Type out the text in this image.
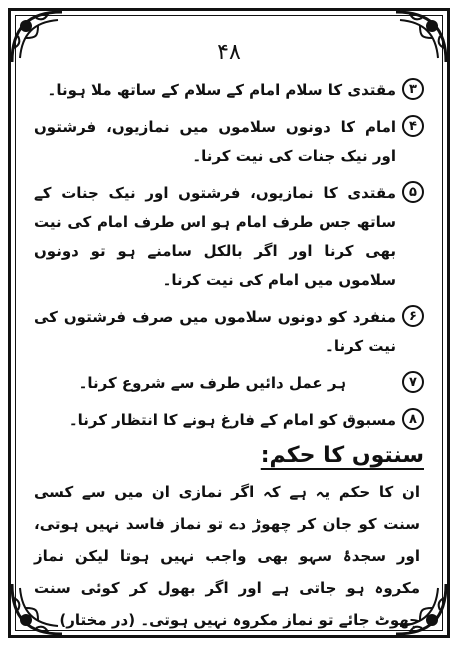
۴۸
۳
مقتدی کا سلام امام کے سلام کے ساتھ ملا ہونا۔
۴
امام کا دونوں سلاموں میں نمازیوں، فرشتوں اور نیک جنات کی نیت کرنا۔
۵
مقتدی کا نمازیوں، فرشتوں اور نیک جنات کے ساتھ جس طرف امام ہو اس طرف امام کی نیت بھی کرنا اور اگر بالکل سامنے ہو تو دونوں سلاموں میں امام کی نیت کرنا۔
۶
منفرد کو دونوں سلاموں میں صرف فرشتوں کی نیت کرنا۔
۷
ہر عمل دائیں طرف سے شروع کرنا۔
۸
مسبوق کو امام کے فارغ ہونے کا انتظار کرنا۔
سنتوں کا حکم:
ان کا حکم یہ ہے کہ اگر نمازی ان میں سے کسی سنت کو جان کر چھوڑ دے تو نماز فاسد نہیں ہوتی، اور سجدۂ سہو بھی واجب نہیں ہوتا لیکن نماز مکروہ ہو جاتی ہے اور اگر بھول کر کوئی سنت چھوٹ جائے تو نماز مکروہ نہیں ہوتی۔ (در مختار)
